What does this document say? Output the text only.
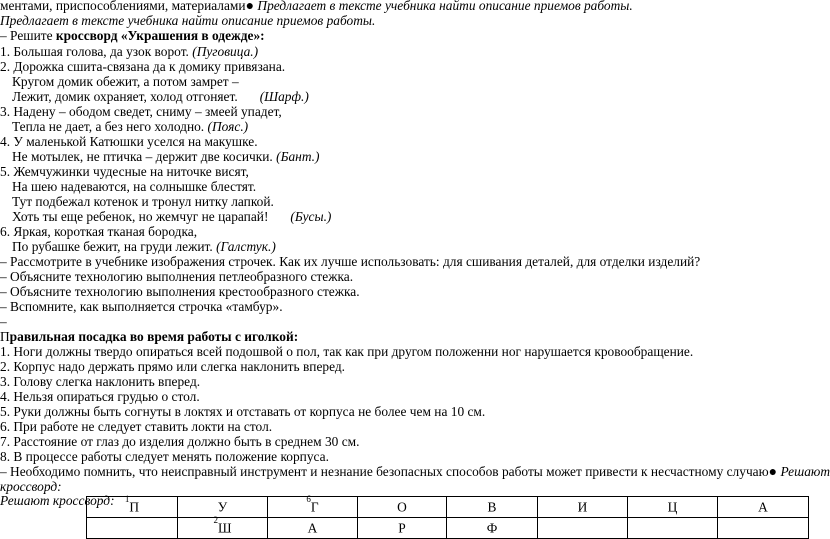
ментами, приспособлениями, материалами● Предлагает в тексте учебника найти описание приемов работы.
Предлагает в тексте учебника найти описание приемов работы.
– Решите кроссворд «Украшения в одежде»:
1. Большая голова, да узок ворот. (Пуговица.)
2. Дорожка сшита-связана да к домику привязана.
Кругом домик обежит, а потом замрет –
Лежит, домик охраняет, холод отгоняет. (Шарф.)
3. Надену – ободом сведет, сниму – змеей упадет,
Тепла не дает, а без него холодно. (Пояс.)
4. У маленькой Катюшки уселся на макушке.
Не мотылек, не птичка – держит две косички. (Бант.)
5. Жемчужинки чудесные на ниточке висят,
На шею надеваются, на солнышке блестят.
Тут подбежал котенок и тронул нитку лапкой.
Хоть ты еще ребенок, но жемчуг не царапай! (Бусы.)
6. Яркая, короткая тканая бородка,
По рубашке бежит, на груди лежит. (Галстук.)
– Рассмотрите в учебнике изображения строчек. Как их лучше использовать: для сшивания деталей, для отделки изделий?
– Объясните технологию выполнения петлеобразного стежка.
– Объясните технологию выполнения крестообразного стежка.
– Вспомните, как выполняется строчка «тамбур».
–
Правильная посадка во время работы с иголкой:
1. Ноги должны твердо опираться всей подошвой о пол, так как при другом положенни ног нарушается кровообращение.
2. Корпус надо держать прямо или слегка наклонить вперед.
3. Голову слегка наклонить вперед.
4. Нельзя опираться грудью о стол.
5. Руки должны быть согнуты в локтях и отставать от корпуса не более чем на 10 см.
6. При работе не следует ставить локти на стол.
7. Расстояние от глаз до изделия должно быть в среднем 30 см.
8. В процессе работы следует менять положение корпуса.
– Необходимо помнить, что неисправный инструмент и незнание безопасных способов работы может привести к несчастному случаю● Решают
кроссворд:
Решают кроссворд: $^1$П	У	$^6$Г	О	В	И	Ц	А
	$^2$Ш	А	Р	Ф			
